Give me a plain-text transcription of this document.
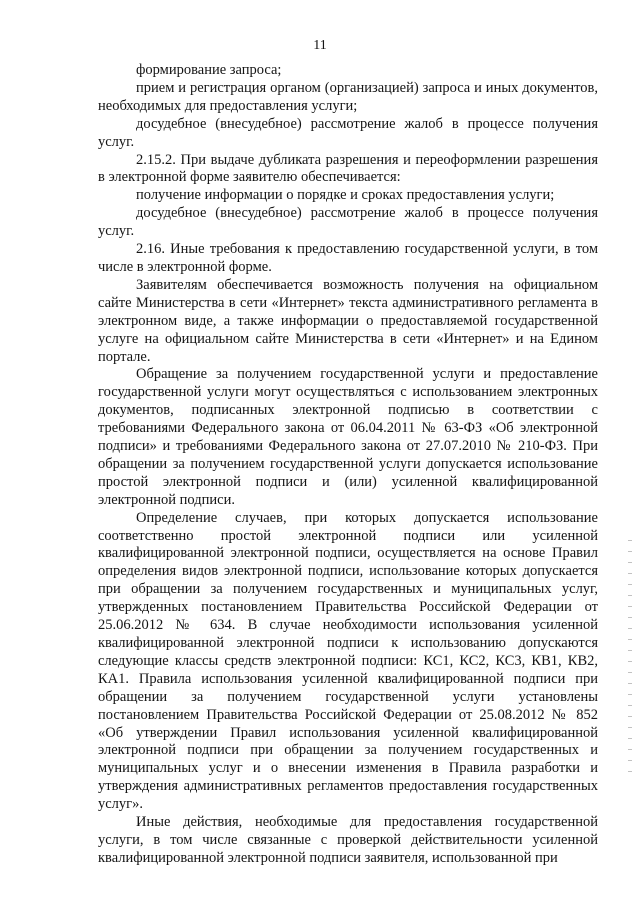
11

формирование запроса;

прием и регистрация органом (организацией) запроса и иных документов, необходимых для предоставления услуги;

досудебное (внесудебное) рассмотрение жалоб в процессе получения услуг.

2.15.2. При выдаче дубликата разрешения и переоформлении разрешения в электронной форме заявителю обеспечивается:

получение информации о порядке и сроках предоставления услуги;

досудебное (внесудебное) рассмотрение жалоб в процессе получения услуг.

2.16. Иные требования к предоставлению государственной услуги, в том числе в электронной форме.

Заявителям обеспечивается возможность получения на официальном сайте Министерства в сети «Интернет» текста административного регламента в электронном виде, а также информации о предоставляемой государственной услуге на официальном сайте Министерства в сети «Интернет» и на Едином портале.

Обращение за получением государственной услуги и предоставление государственной услуги могут осуществляться с использованием электронных документов, подписанных электронной подписью в соответствии с требованиями Федерального закона от 06.04.2011 № 63-ФЗ «Об электронной подписи» и требованиями Федерального закона от 27.07.2010 № 210-ФЗ. При обращении за получением государственной услуги допускается использование простой электронной подписи и (или) усиленной квалифицированной электронной подписи.

Определение случаев, при которых допускается использование соответственно простой электронной подписи или усиленной квалифицированной электронной подписи, осуществляется на основе Правил определения видов электронной подписи, использование которых допускается при обращении за получением государственных и муниципальных услуг, утвержденных постановлением Правительства Российской Федерации от 25.06.2012 № 634. В случае необходимости использования усиленной квалифицированной электронной подписи к использованию допускаются следующие классы средств электронной подписи: КС1, КС2, КС3, КВ1, КВ2, КА1. Правила использования усиленной квалифицированной подписи при обращении за получением государственной услуги установлены постановлением Правительства Российской Федерации от 25.08.2012 № 852 «Об утверждении Правил использования усиленной квалифицированной электронной подписи при обращении за получением государственных и муниципальных услуг и о внесении изменения в Правила разработки и утверждения административных регламентов предоставления государственных услуг».

Иные действия, необходимые для предоставления государственной услуги, в том числе связанные с проверкой действительности усиленной квалифицированной электронной подписи заявителя, использованной при
